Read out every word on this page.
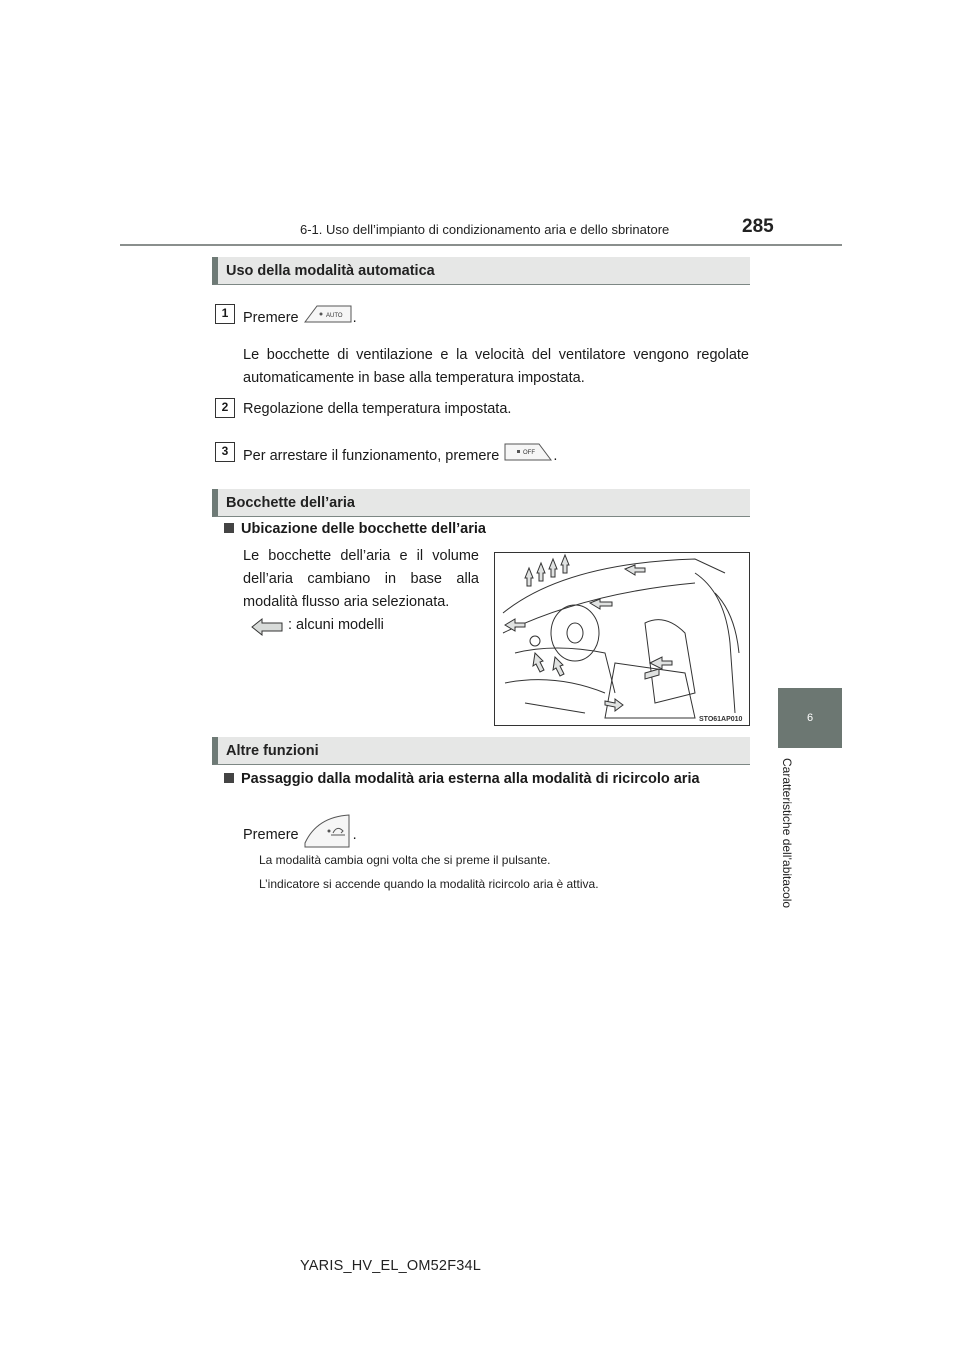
6-1. Uso dell’impianto di condizionamento aria e dello sbrinatore	285
6
Caratteristiche dell’abitacolo
Uso della modalità automatica
1	Premere	AUTO .
Le bocchette di ventilazione e la velocità del ventilatore vengono regolate automaticamente in base alla temperatura impostata.
2	Regolazione della temperatura impostata.
3	Per arrestare il funzionamento, premere	OFF .
Bocchette dell’aria
Ubicazione delle bocchette dell’aria
Le bocchette dell’aria e il volume dell’aria cambiano in base alla modalità flusso aria selezionata.
: alcuni modelli
STO61AP010
Altre funzioni
Passaggio dalla modalità aria esterna alla modalità di ricircolo aria
Premere	.
La modalità cambia ogni volta che si preme il pulsante.
L’indicatore si accende quando la modalità ricircolo aria è attiva.
YARIS_HV_EL_OM52F34L
